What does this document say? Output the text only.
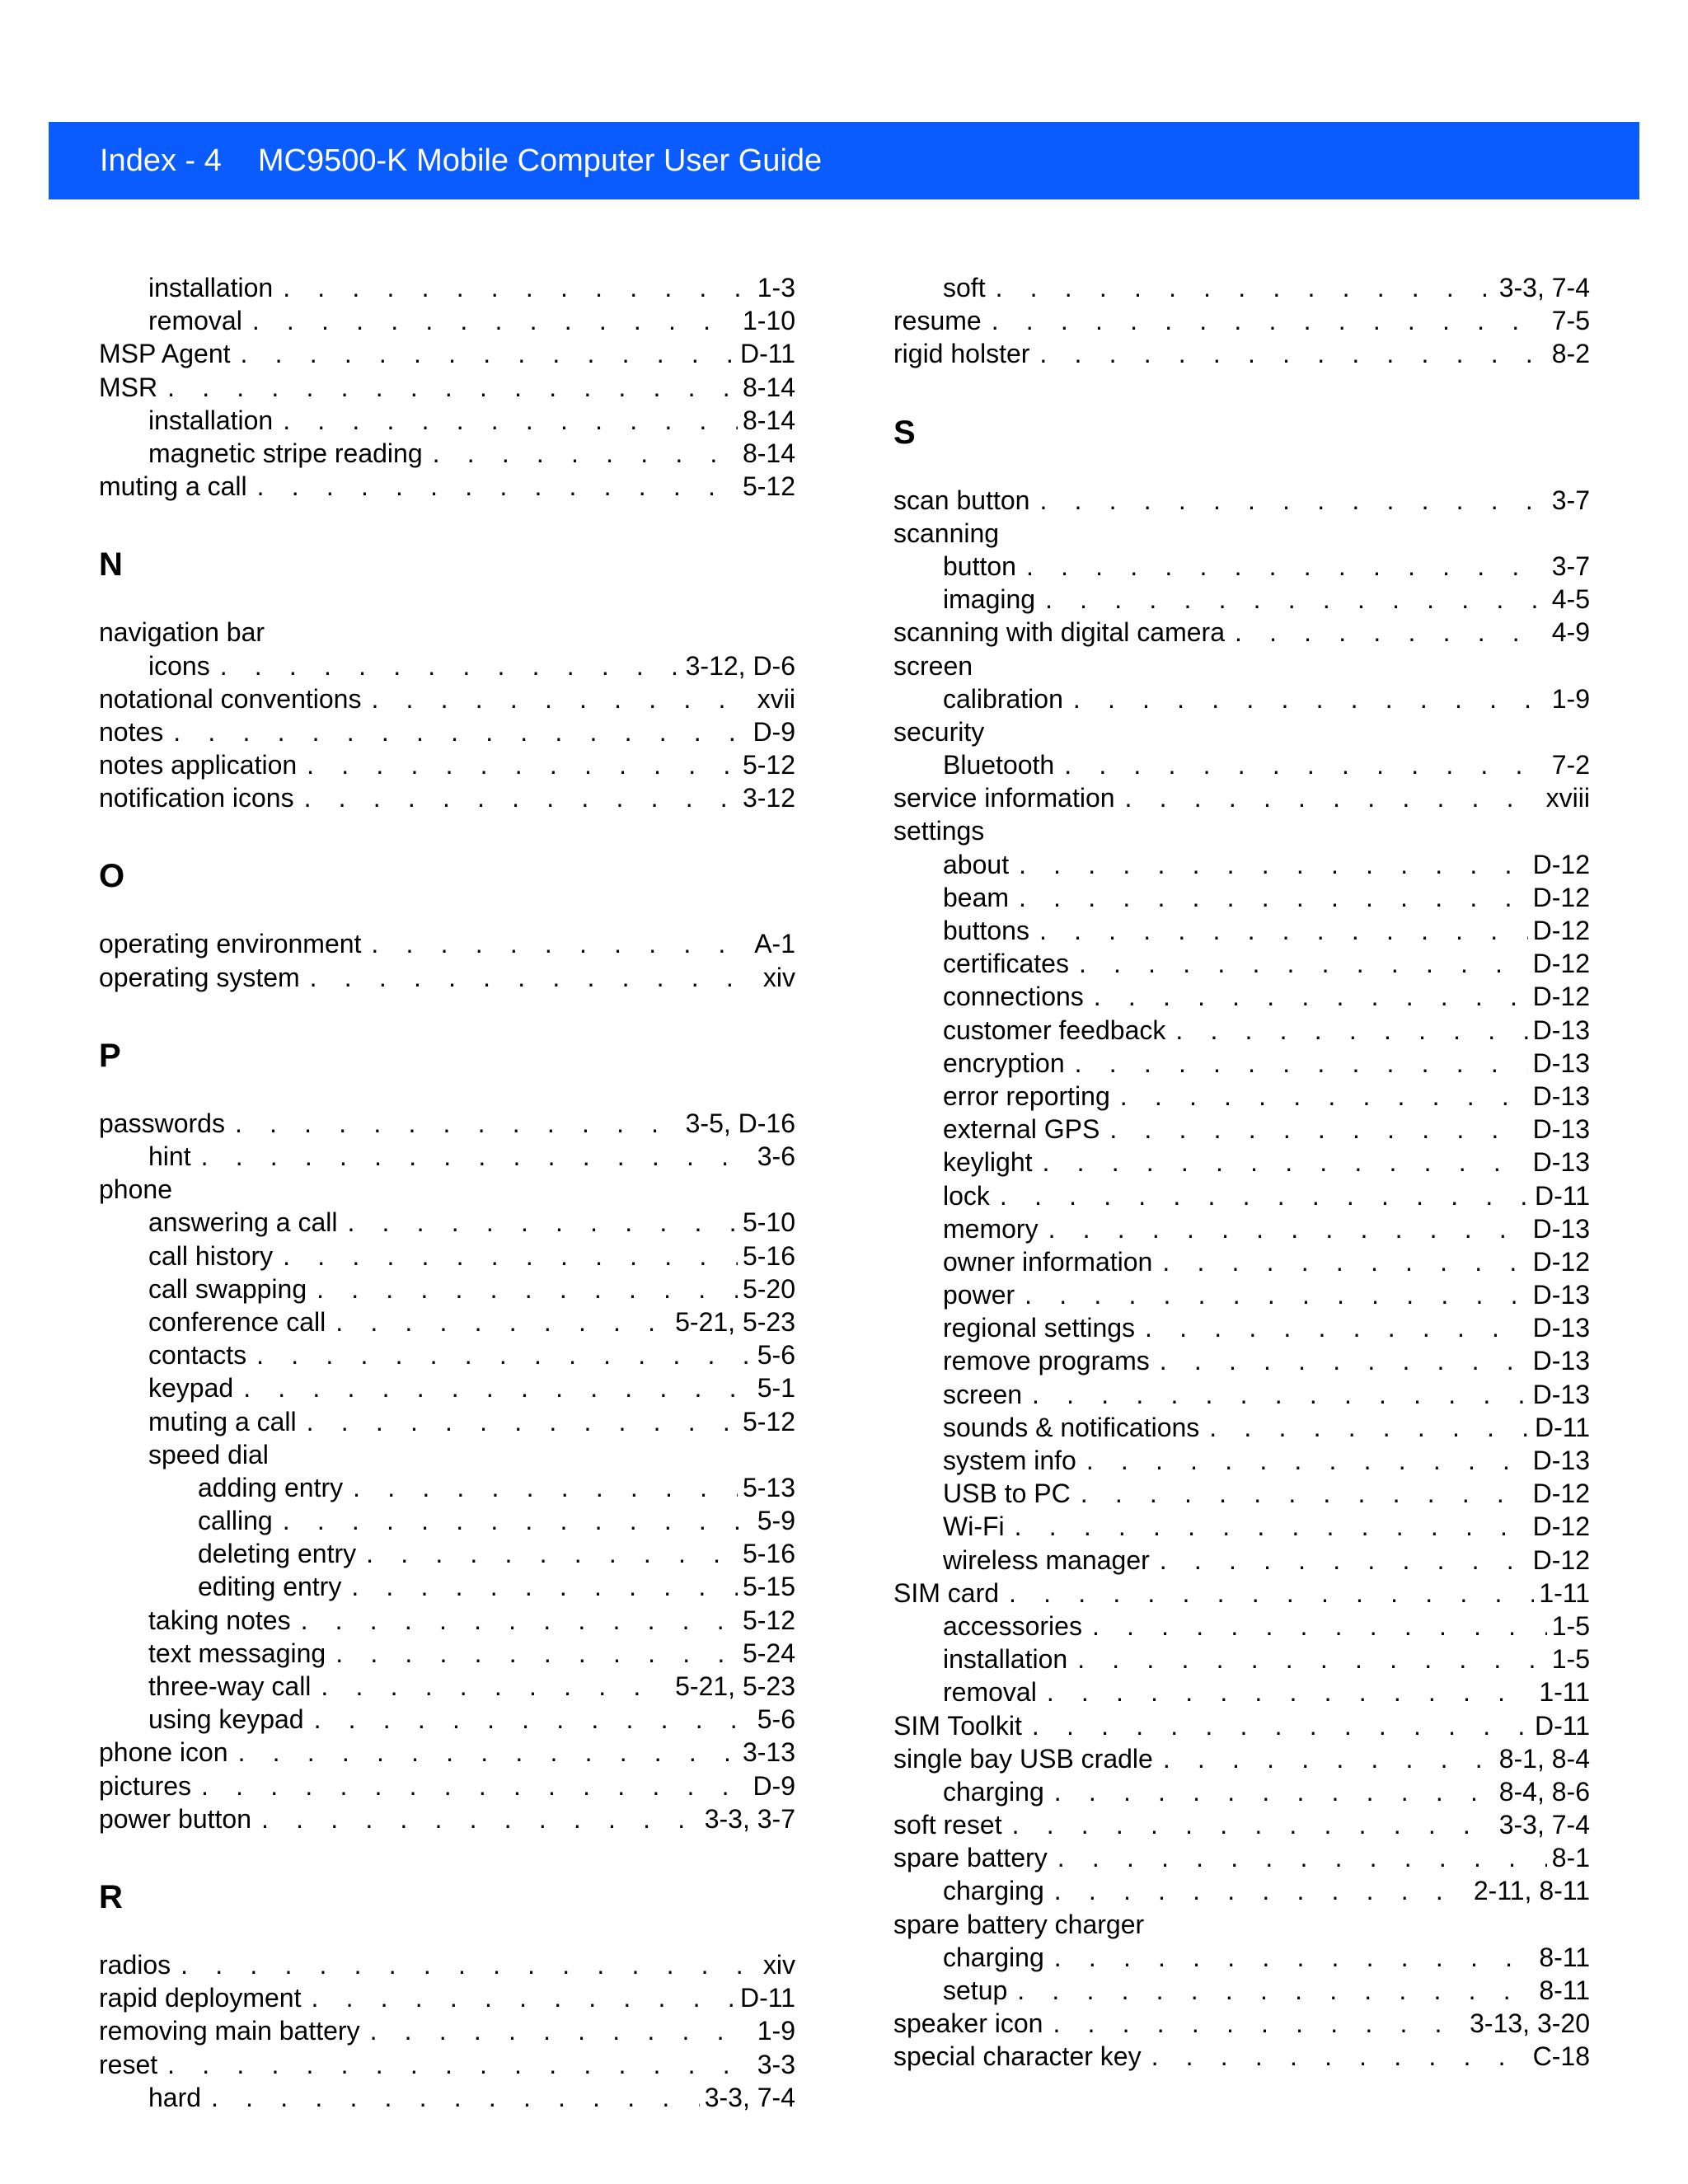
Index - 4 MC9500-K Mobile Computer User Guide
installation . . .	1-3
removal . . .	1-10
MSP Agent . . .	D-11
MSR . . .	8-14
installation . . .	8-14
magnetic stripe reading . . .	8-14
muting a call . . .	5-12
N
navigation bar
icons . . .	3-12, D-6
notational conventions . . .	xvii
notes . . .	D-9
notes application . . .	5-12
notification icons . . .	3-12
O
operating environment . . .	A-1
operating system . . .	xiv
P
passwords . . .	3-5, D-16
hint . . .	3-6
phone
answering a call . . .	5-10
call history . . .	5-16
call swapping . . .	5-20
conference call . . .	5-21, 5-23
contacts . . .	5-6
keypad . . .	5-1
muting a call . . .	5-12
speed dial
adding entry . . .	5-13
calling . . .	5-9
deleting entry . . .	5-16
editing entry . . .	5-15
taking notes . . .	5-12
text messaging . . .	5-24
three-way call . . .	5-21, 5-23
using keypad . . .	5-6
phone icon . . .	3-13
pictures . . .	D-9
power button . . .	3-3, 3-7
R
radios . . .	xiv
rapid deployment . . .	D-11
removing main battery . . .	1-9
reset . . .	3-3
hard . . .	3-3, 7-4
soft . . .	3-3, 7-4
resume . . .	7-5
rigid holster . . .	8-2
S
scan button . . .	3-7
scanning
button . . .	3-7
imaging . . .	4-5
scanning with digital camera . . .	4-9
screen
calibration . . .	1-9
security
Bluetooth . . .	7-2
service information . . .	xviii
settings
about . . .	D-12
beam . . .	D-12
buttons . . .	D-12
certificates . . .	D-12
connections . . .	D-12
customer feedback . . .	D-13
encryption . . .	D-13
error reporting . . .	D-13
external GPS . . .	D-13
keylight . . .	D-13
lock . . .	D-11
memory . . .	D-13
owner information . . .	D-12
power . . .	D-13
regional settings . . .	D-13
remove programs . . .	D-13
screen . . .	D-13
sounds & notifications . . .	D-11
system info . . .	D-13
USB to PC . . .	D-12
Wi-Fi . . .	D-12
wireless manager . . .	D-12
SIM card . . .	1-11
accessories . . .	1-5
installation . . .	1-5
removal . . .	1-11
SIM Toolkit . . .	D-11
single bay USB cradle . . .	8-1, 8-4
charging . . .	8-4, 8-6
soft reset . . .	3-3, 7-4
spare battery . . .	8-1
charging . . .	2-11, 8-11
spare battery charger
charging . . .	8-11
setup . . .	8-11
speaker icon . . .	3-13, 3-20
special character key . . .	C-18
